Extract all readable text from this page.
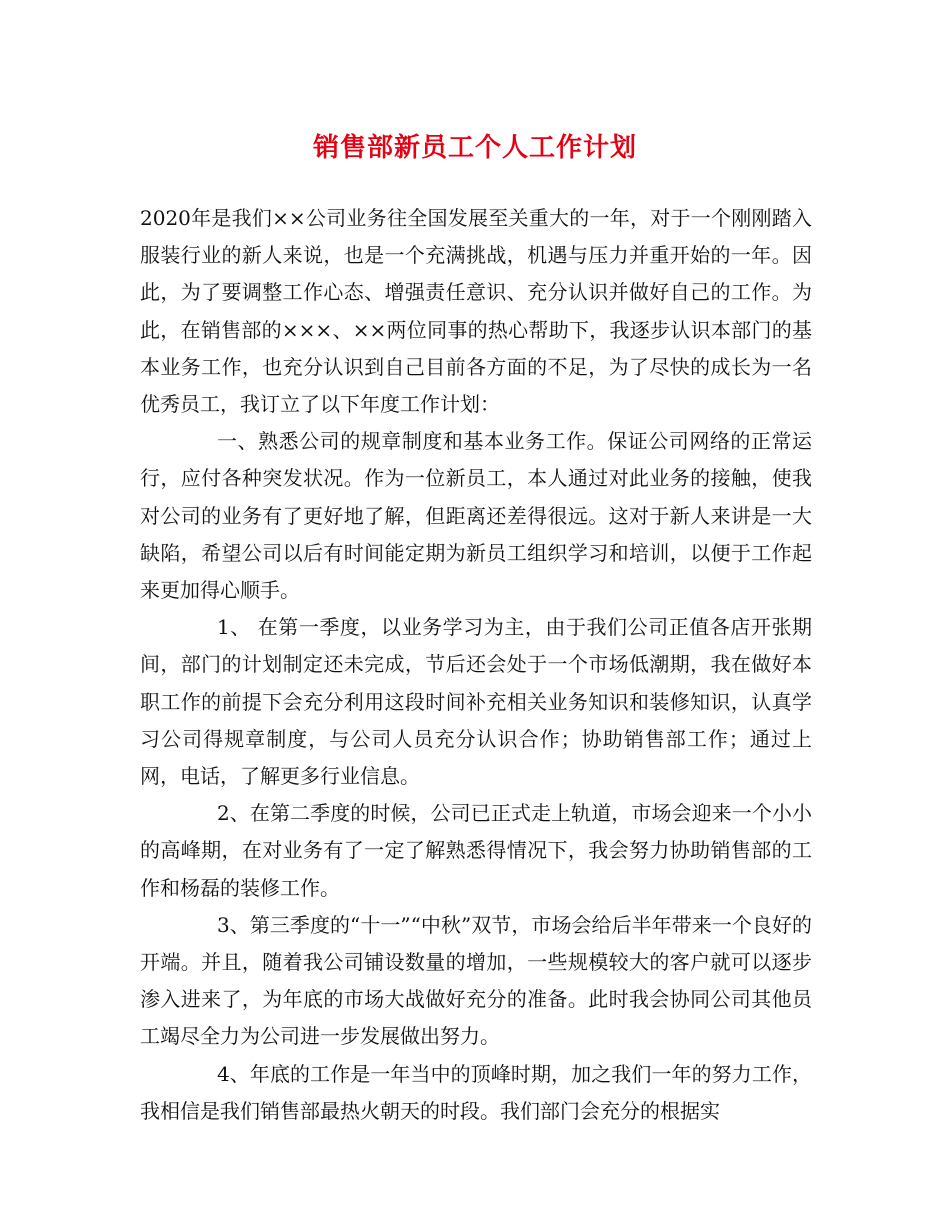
销售部新员工个人工作计划

2020年是我们××公司业务往全国发展至关重大的一年，对于一个刚刚踏入服装行业的新人来说，也是一个充满挑战，机遇与压力并重开始的一年。因此，为了要调整工作心态、增强责任意识、充分认识并做好自己的工作。为此，在销售部的×××、××两位同事的热心帮助下，我逐步认识本部门的基本业务工作，也充分认识到自己目前各方面的不足，为了尽快的成长为一名优秀员工，我订立了以下年度工作计划：

一、熟悉公司的规章制度和基本业务工作。保证公司网络的正常运行，应付各种突发状况。作为一位新员工，本人通过对此业务的接触，使我对公司的业务有了更好地了解，但距离还差得很远。这对于新人来讲是一大缺陷，希望公司以后有时间能定期为新员工组织学习和培训，以便于工作起来更加得心顺手。

1、 在第一季度，以业务学习为主，由于我们公司正值各店开张期间，部门的计划制定还未完成，节后还会处于一个市场低潮期，我在做好本职工作的前提下会充分利用这段时间补充相关业务知识和装修知识，认真学习公司得规章制度，与公司人员充分认识合作；协助销售部工作；通过上网，电话，了解更多行业信息。

2、在第二季度的时候，公司已正式走上轨道，市场会迎来一个小小的高峰期，在对业务有了一定了解熟悉得情况下，我会努力协助销售部的工作和杨磊的装修工作。

3、第三季度的“十一”“中秋”双节，市场会给后半年带来一个良好的开端。并且，随着我公司铺设数量的增加，一些规模较大的客户就可以逐步渗入进来了，为年底的市场大战做好充分的准备。此时我会协同公司其他员工竭尽全力为公司进一步发展做出努力。

4、年底的工作是一年当中的顶峰时期，加之我们一年的努力工作，我相信是我们销售部最热火朝天的时段。我们部门会充分的根据实
